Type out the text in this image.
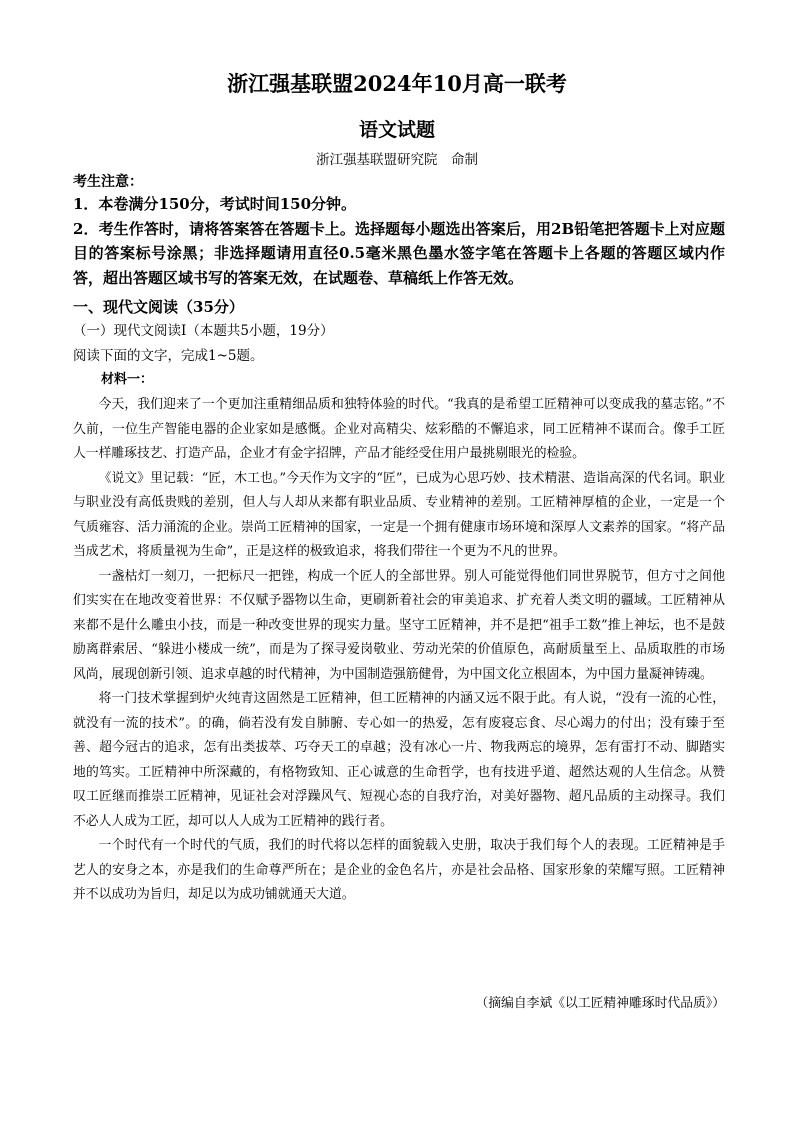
浙江强基联盟2024年10月高一联考
语文试题
浙江强基联盟研究院　命制
考生注意：
1．本卷满分150分，考试时间150分钟。
2．考生作答时，请将答案答在答题卡上。选择题每小题选出答案后，用2B铅笔把答题卡上对应题目的答案标号涂黑；非选择题请用直径0.5毫米黑色墨水签字笔在答题卡上各题的答题区域内作答，超出答题区域书写的答案无效，在试题卷、草稿纸上作答无效。
一、现代文阅读（35分）
（一）现代文阅读Ⅰ（本题共5小题，19分）
阅读下面的文字，完成1~5题。
材料一：

今天，我们迎来了一个更加注重精细品质和独特体验的时代。“我真的是希望工匠精神可以变成我的墓志铭。”不久前，一位生产智能电器的企业家如是感慨。企业对高精尖、炫彩酷的不懈追求，同工匠精神不谋而合。像手工匠人一样雕琢技艺、打造产品，企业才有金字招牌，产品才能经受住用户最挑剔眼光的检验。

《说文》里记载：“匠，木工也。”今天作为文字的“匠”，已成为心思巧妙、技术精湛、造诣高深的代名词。职业与职业没有高低贵贱的差别，但人与人却从来都有职业品质、专业精神的差别。工匠精神厚植的企业，一定是一个气质雍容、活力涌流的企业。崇尚工匠精神的国家，一定是一个拥有健康市场环境和深厚人文素养的国家。“将产品当成艺术，将质量视为生命”，正是这样的极致追求，将我们带往一个更为不凡的世界。

一盏枯灯一刻刀，一把标尺一把锉，构成一个匠人的全部世界。别人可能觉得他们同世界脱节，但方寸之间他们实实在在地改变着世界：不仅赋予器物以生命，更刷新着社会的审美追求、扩充着人类文明的疆域。工匠精神从来都不是什么雕虫小技，而是一种改变世界的现实力量。坚守工匠精神，并不是把“祖手工数”推上神坛，也不是鼓励离群索居、“躲进小楼成一统”，而是为了探寻爱岗敬业、劳动光荣的价值原色，高耐质量至上、品质取胜的市场风尚，展现创新引领、追求卓越的时代精神，为中国制造强筋健骨，为中国文化立根固本，为中国力量凝神铸魂。

将一门技术掌握到炉火纯青这固然是工匠精神，但工匠精神的内涵又远不限于此。有人说，“没有一流的心性，就没有一流的技术”。的确，倘若没有发自肺腑、专心如一的热爱，怎有废寝忘食、尽心竭力的付出；没有臻于至善、超今冠古的追求，怎有出类拔萃、巧夺天工的卓越；没有冰心一片、物我两忘的境界，怎有雷打不动、脚踏实地的笃实。工匠精神中所深藏的，有格物致知、正心诚意的生命哲学，也有技进乎道、超然达观的人生信念。从赞叹工匠继而推崇工匠精神，见证社会对浮躁风气、短视心态的自我疗治，对美好器物、超凡品质的主动探寻。我们不必人人成为工匠，却可以人人成为工匠精神的践行者。

一个时代有一个时代的气质，我们的时代将以怎样的面貌载入史册，取决于我们每个人的表现。工匠精神是手艺人的安身之本，亦是我们的生命尊严所在；是企业的金色名片，亦是社会品格、国家形象的荣耀写照。工匠精神并不以成功为旨归，却足以为成功铺就通天大道。

（摘编自李斌《以工匠精神雕琢时代品质》）
